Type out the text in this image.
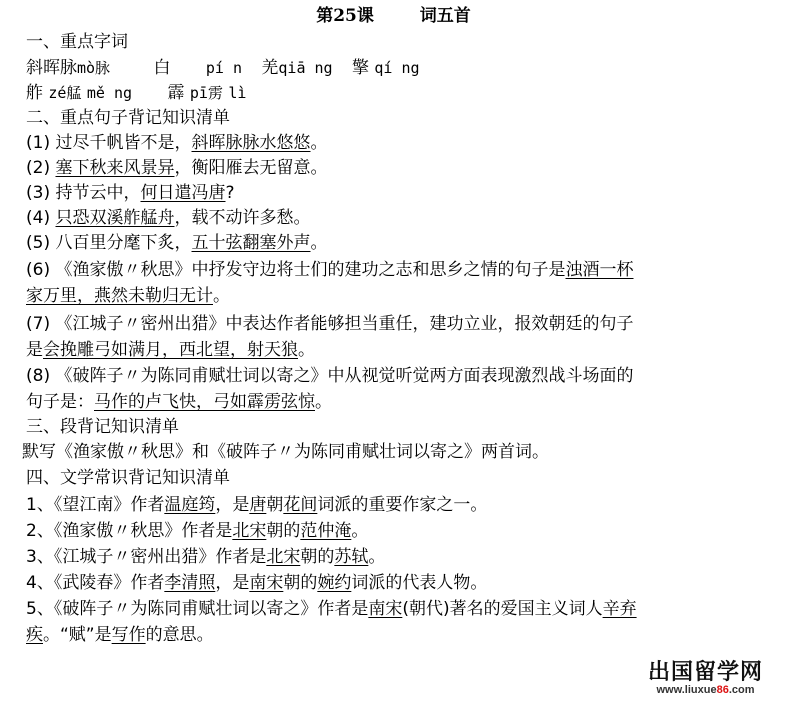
第25课	词五首
一、重点字词
斜晖脉mò脉	白 pí n 羌qiā ng 擎 qí ng
舴 zé艋 mě ng 霹 pī雳 lì
二、重点句子背记知识清单
(1) 过尽千帆皆不是，斜晖脉脉水悠悠。
(2) 塞下秋来风景异，衡阳雁去无留意。
(3) 持节云中，何日遣冯唐?
(4) 只恐双溪舴艋舟，载不动许多愁。
(5) 八百里分麾下炙，五十弦翻塞外声。
(6) 《渔家傲〃秋思》中抒发守边将士们的建功之志和思乡之情的句子是浊酒一杯
家万里，燕然未勒归无计。
(7) 《江城子〃密州出猎》中表达作者能够担当重任，建功立业，报效朝廷的句子
是会挽雕弓如满月，西北望，射天狼。
(8) 《破阵子〃为陈同甫赋壮词以寄之》中从视觉听觉两方面表现激烈战斗场面的
句子是：马作的卢飞快，弓如霹雳弦惊。
三、段背记知识清单
默写《渔家傲〃秋思》和《破阵子〃为陈同甫赋壮词以寄之》两首词。
四、文学常识背记知识清单
1、《望江南》作者温庭筠，是唐朝花间词派的重要作家之一。
2、《渔家傲〃秋思》作者是北宋朝的范仲淹。
3、《江城子〃密州出猎》作者是北宋朝的苏轼。
4、《武陵春》作者李清照，是南宋朝的婉约词派的代表人物。
5、《破阵子〃为陈同甫赋壮词以寄之》作者是南宋(朝代)著名的爱国主义词人辛弃
疾。“赋”是写作的意思。
出国留学网
www.liuxue86.com
